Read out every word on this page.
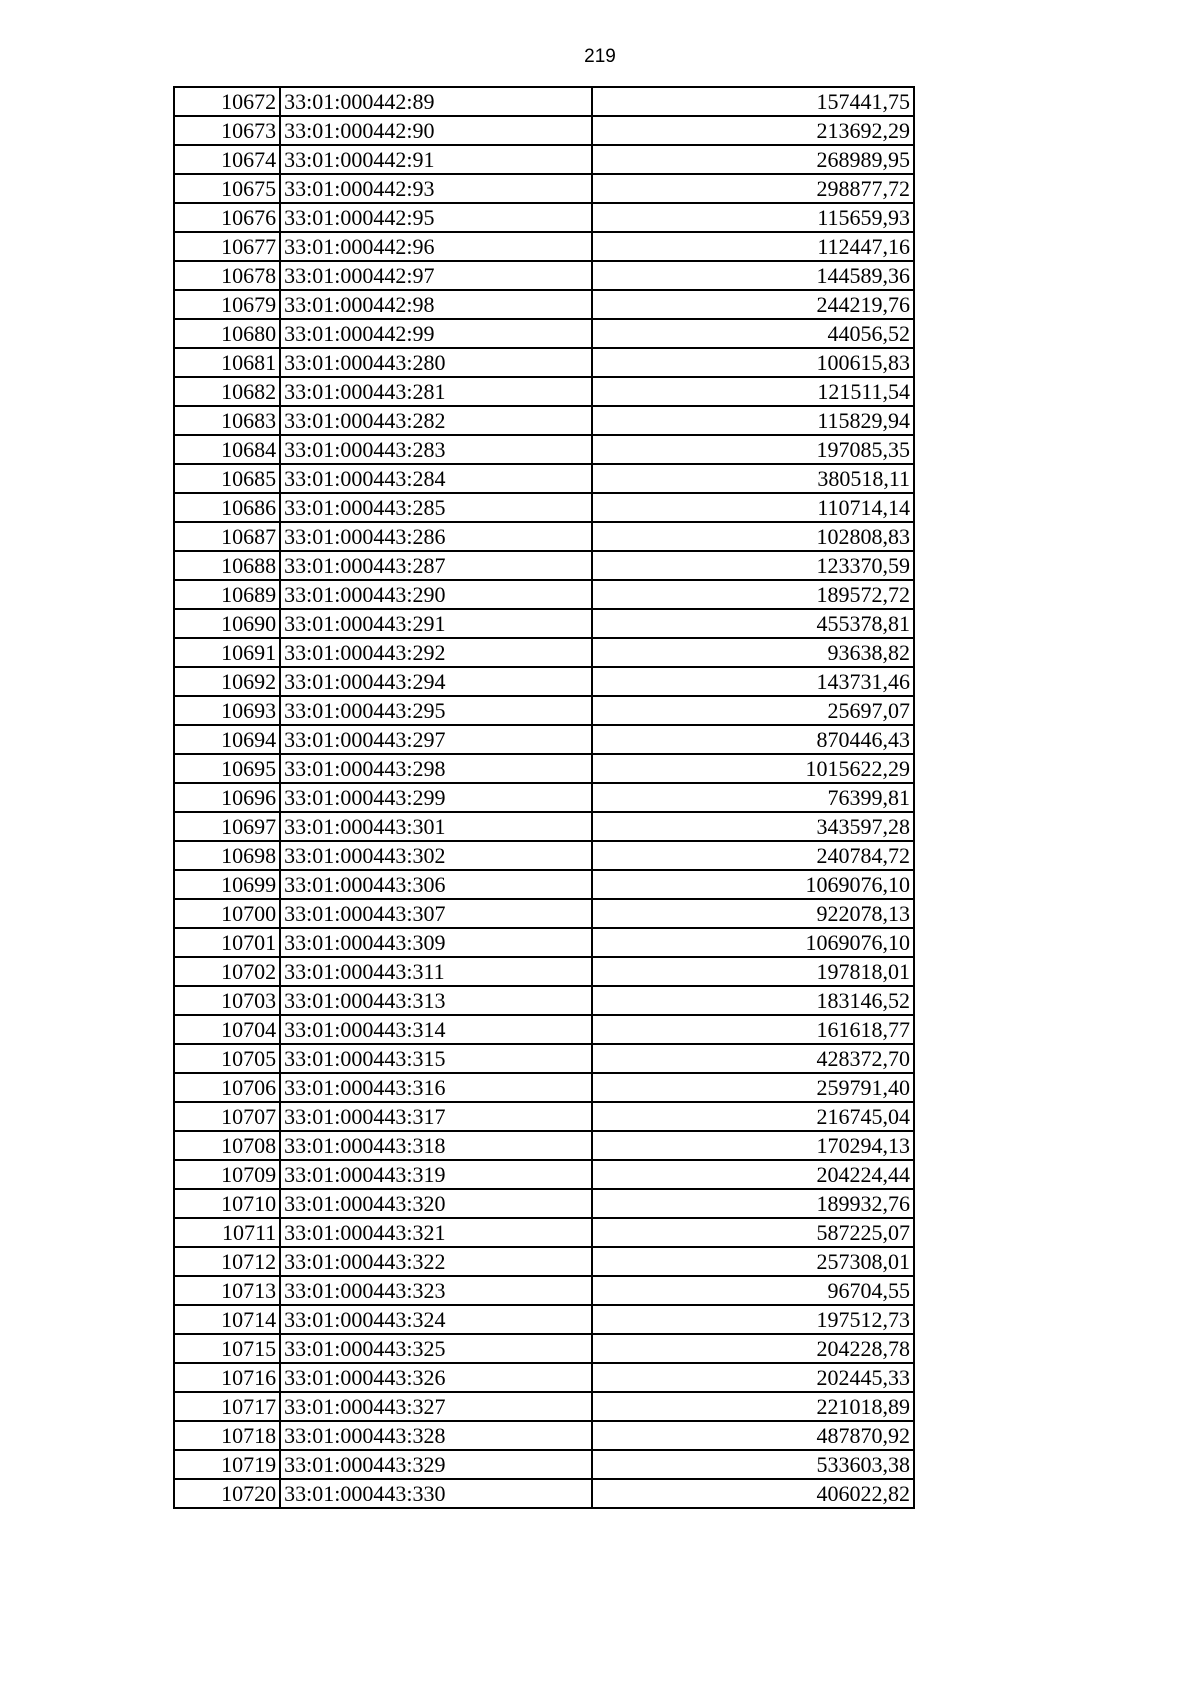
219
10672	33:01:000442:89	157441,75
10673	33:01:000442:90	213692,29
10674	33:01:000442:91	268989,95
10675	33:01:000442:93	298877,72
10676	33:01:000442:95	115659,93
10677	33:01:000442:96	112447,16
10678	33:01:000442:97	144589,36
10679	33:01:000442:98	244219,76
10680	33:01:000442:99	44056,52
10681	33:01:000443:280	100615,83
10682	33:01:000443:281	121511,54
10683	33:01:000443:282	115829,94
10684	33:01:000443:283	197085,35
10685	33:01:000443:284	380518,11
10686	33:01:000443:285	110714,14
10687	33:01:000443:286	102808,83
10688	33:01:000443:287	123370,59
10689	33:01:000443:290	189572,72
10690	33:01:000443:291	455378,81
10691	33:01:000443:292	93638,82
10692	33:01:000443:294	143731,46
10693	33:01:000443:295	25697,07
10694	33:01:000443:297	870446,43
10695	33:01:000443:298	1015622,29
10696	33:01:000443:299	76399,81
10697	33:01:000443:301	343597,28
10698	33:01:000443:302	240784,72
10699	33:01:000443:306	1069076,10
10700	33:01:000443:307	922078,13
10701	33:01:000443:309	1069076,10
10702	33:01:000443:311	197818,01
10703	33:01:000443:313	183146,52
10704	33:01:000443:314	161618,77
10705	33:01:000443:315	428372,70
10706	33:01:000443:316	259791,40
10707	33:01:000443:317	216745,04
10708	33:01:000443:318	170294,13
10709	33:01:000443:319	204224,44
10710	33:01:000443:320	189932,76
10711	33:01:000443:321	587225,07
10712	33:01:000443:322	257308,01
10713	33:01:000443:323	96704,55
10714	33:01:000443:324	197512,73
10715	33:01:000443:325	204228,78
10716	33:01:000443:326	202445,33
10717	33:01:000443:327	221018,89
10718	33:01:000443:328	487870,92
10719	33:01:000443:329	533603,38
10720	33:01:000443:330	406022,82
